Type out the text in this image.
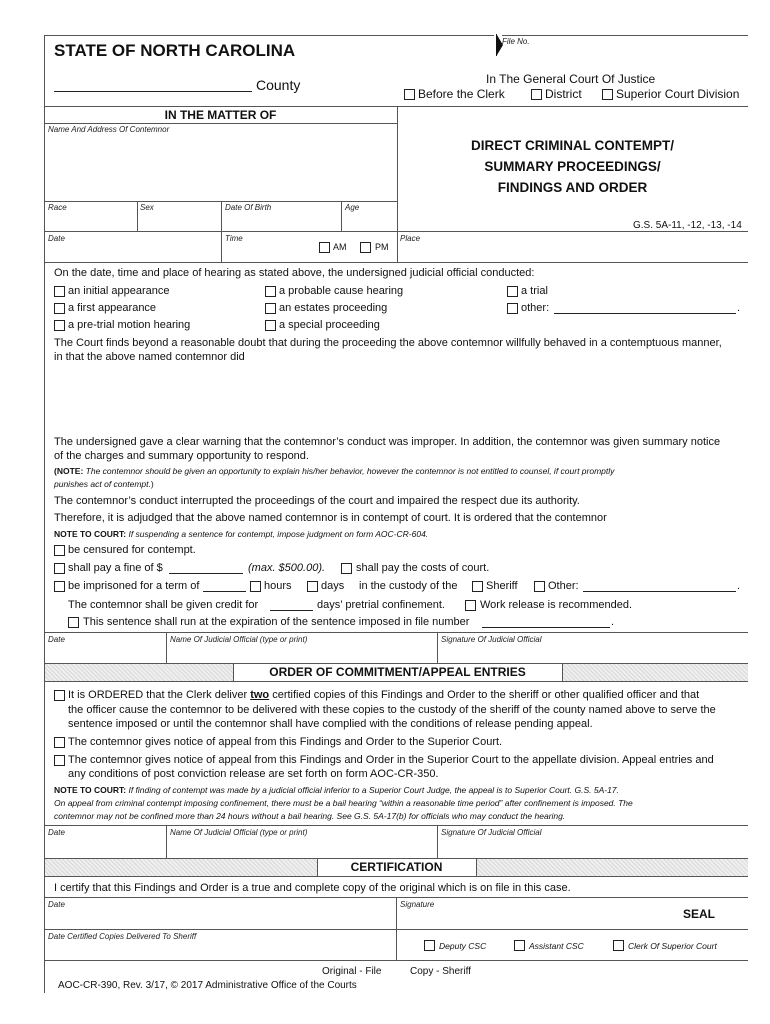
File No.
STATE OF NORTH CAROLINA
County	In The General Court Of Justice
Before the Clerk	District	Superior Court Division
IN THE MATTER OF
Name And Address Of Contemnor
Race	Sex	Date Of Birth	Age
Date	Time
AM	PM
Place
DIRECT CRIMINAL CONTEMPT/
SUMMARY PROCEEDINGS/
FINDINGS AND ORDER
G.S. 5A-11, -12, -13, -14
On the date, time and place of hearing as stated above, the undersigned judicial official conducted:
an initial appearance
a first appearance
a pre-trial motion hearing
a probable cause hearing
an estates proceeding
a special proceeding
a trial
other:	.
The Court finds beyond a reasonable doubt that during the proceeding the above contemnor willfully behaved in a contemptuous manner,
in that the above named contemnor did
The undersigned gave a clear warning that the contemnor’s conduct was improper. In addition, the contemnor was given summary notice
of the charges and summary opportunity to respond.
(NOTE: The contemnor should be given an opportunity to explain his/her behavior, however the contemnor is not entitled to counsel, if court promptly
punishes act of contempt.)
The contemnor’s conduct interrupted the proceedings of the court and impaired the respect due its authority.
Therefore, it is adjudged that the above named contemnor is in contempt of court. It is ordered that the contemnor
NOTE TO COURT: If suspending a sentence for contempt, impose judgment on form AOC-CR-604.
be censured for contempt.
shall pay a fine of $	(max. $500.00).	shall pay the costs of court.
be imprisoned for a term of	hours	days in the custody of the	Sheriff	Other:	.
The contemnor shall be given credit for	days’ pretrial confinement.	Work release is recommended.
This sentence shall run at the expiration of the sentence imposed in file number	.
Date	Name Of Judicial Official (type or print)	Signature Of Judicial Official
ORDER OF COMMITMENT/APPEAL ENTRIES
It is ORDERED that the Clerk deliver two certified copies of this Findings and Order to the sheriff or other qualified officer and that
the officer cause the contemnor to be delivered with these copies to the custody of the sheriff of the county named above to serve the
sentence imposed or until the contemnor shall have complied with the conditions of release pending appeal.
The contemnor gives notice of appeal from this Findings and Order to the Superior Court.
The contemnor gives notice of appeal from this Findings and Order in the Superior Court to the appellate division. Appeal entries and
any conditions of post conviction release are set forth on form AOC-CR-350.
NOTE TO COURT: If finding of contempt was made by a judicial official inferior to a Superior Court Judge, the appeal is to Superior Court. G.S. 5A-17.
On appeal from criminal contempt imposing confinement, there must be a bail hearing “within a reasonable time period” after confinement is imposed. The
contemnor may not be confined more than 24 hours without a bail hearing. See G.S. 5A-17(b) for officials who may conduct the hearing.
Date	Name Of Judicial Official (type or print)	Signature Of Judicial Official
CERTIFICATION
I certify that this Findings and Order is a true and complete copy of the original which is on file in this case.
Date	Signature
SEAL
Date Certified Copies Delivered To Sheriff
Deputy CSC	Assistant CSC	Clerk Of Superior Court
Original - File	Copy - Sheriff
AOC-CR-390, Rev. 3/17, © 2017 Administrative Office of the Courts
